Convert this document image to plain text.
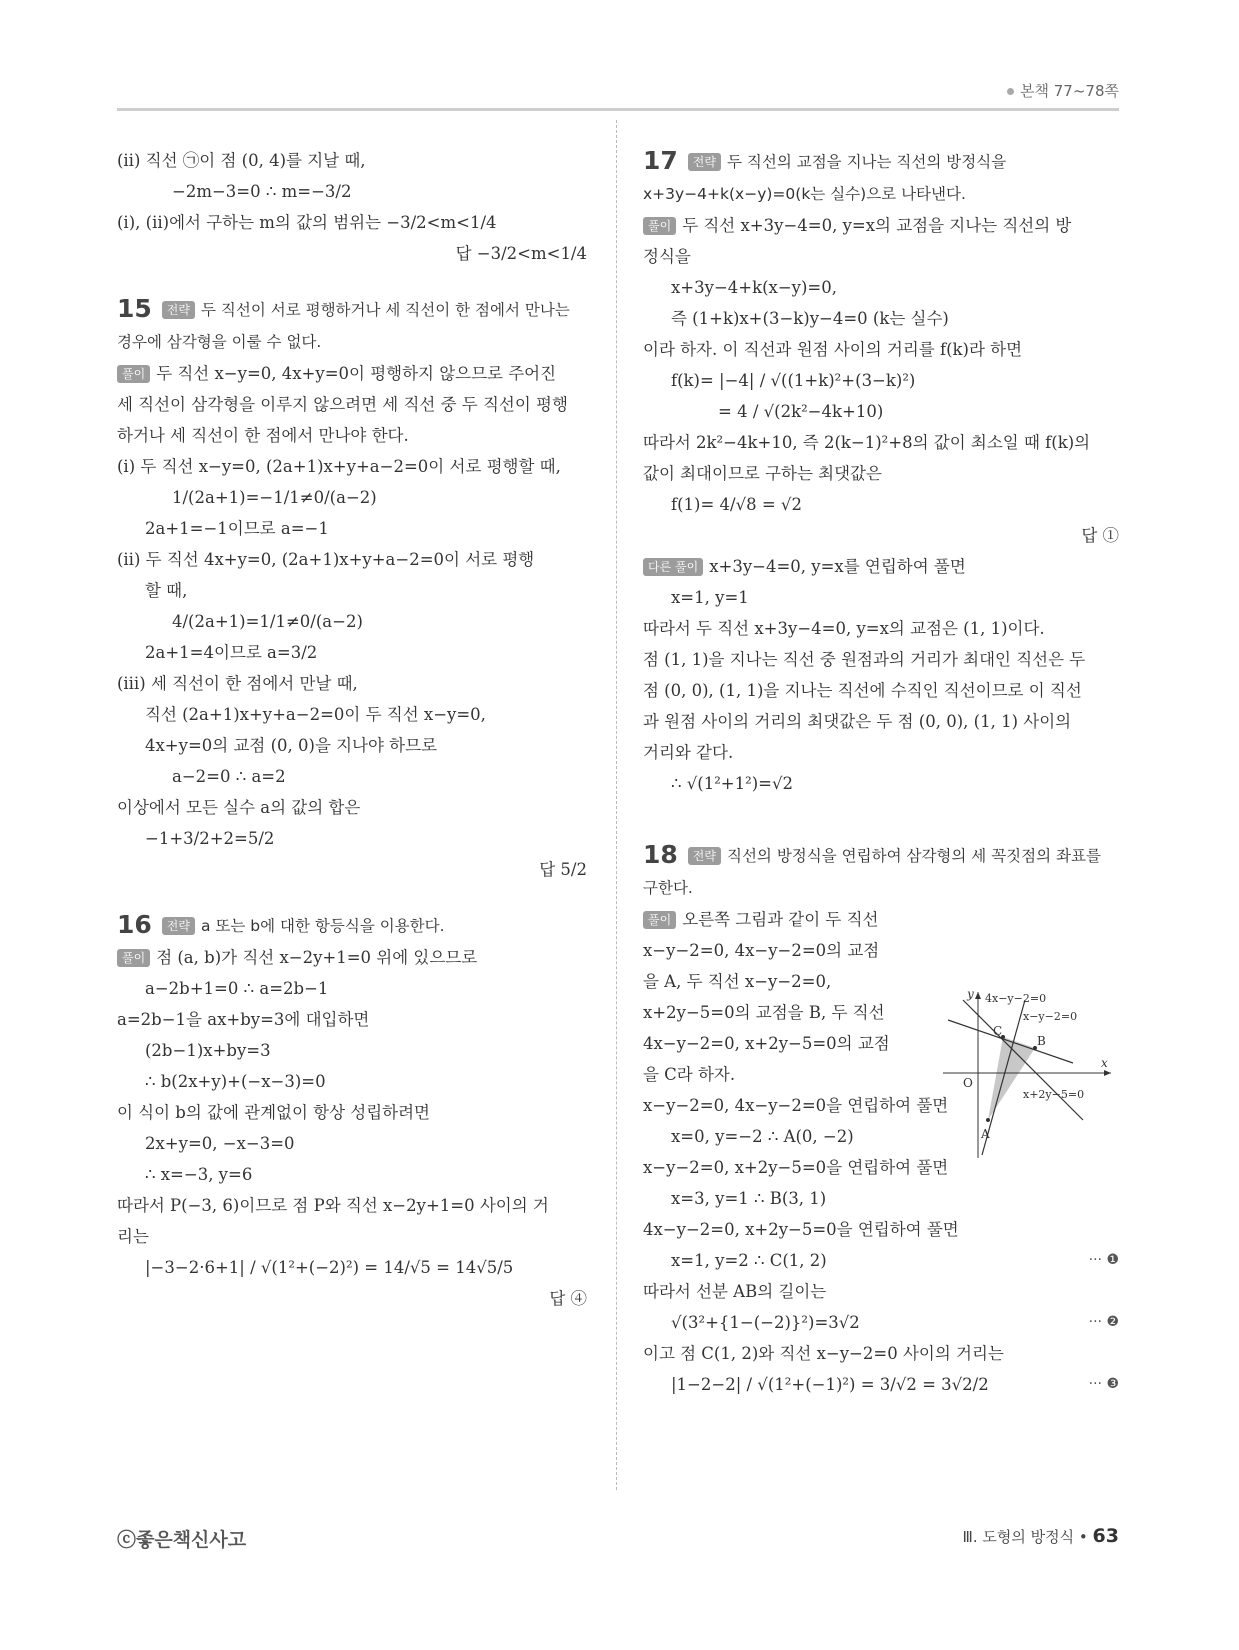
본책 77~78쪽
(ⅱ) 직선 ㉠이 점 (0, 4)를 지날 때,
−2m−3=0 ∴ m=−3/2
(ⅰ), (ⅱ)에서 구하는 m의 값의 범위는 −3/2<m<1/4
답 −3/2<m<1/4
15 전략 두 직선이 서로 평행하거나 세 직선이 한 점에서 만나는 경우에 삼각형을 이룰 수 없다.
풀이 두 직선 x−y=0, 4x+y=0이 평행하지 않으므로 주어진
세 직선이 삼각형을 이루지 않으려면 세 직선 중 두 직선이 평행
하거나 세 직선이 한 점에서 만나야 한다.
(ⅰ) 두 직선 x−y=0, (2a+1)x+y+a−2=0이 서로 평행할 때,
1/(2a+1)=−1/1≠0/(a−2)
2a+1=−1이므로 a=−1
(ⅱ) 두 직선 4x+y=0, (2a+1)x+y+a−2=0이 서로 평행
할 때,
4/(2a+1)=1/1≠0/(a−2)
2a+1=4이므로 a=3/2
(ⅲ) 세 직선이 한 점에서 만날 때,
직선 (2a+1)x+y+a−2=0이 두 직선 x−y=0,
4x+y=0의 교점 (0, 0)을 지나야 하므로
a−2=0 ∴ a=2
이상에서 모든 실수 a의 값의 합은
−1+3/2+2=5/2
답 5/2
16 전략 a 또는 b에 대한 항등식을 이용한다.
풀이 점 (a, b)가 직선 x−2y+1=0 위에 있으므로
a−2b+1=0 ∴ a=2b−1
a=2b−1을 ax+by=3에 대입하면
(2b−1)x+by=3
∴ b(2x+y)+(−x−3)=0
이 식이 b의 값에 관계없이 항상 성립하려면
2x+y=0, −x−3=0
∴ x=−3, y=6
따라서 P(−3, 6)이므로 점 P와 직선 x−2y+1=0 사이의 거
리는
|−3−2·6+1| / √(1²+(−2)²) = 14/√5 = 14√5/5
답 ④
17 전략 두 직선의 교점을 지나는 직선의 방정식을 x+3y−4+k(x−y)=0(k는 실수)으로 나타낸다.
풀이 두 직선 x+3y−4=0, y=x의 교점을 지나는 직선의 방
정식을
x+3y−4+k(x−y)=0,
즉 (1+k)x+(3−k)y−4=0 (k는 실수)
이라 하자. 이 직선과 원점 사이의 거리를 f(k)라 하면
f(k)= |−4| / √((1+k)²+(3−k)²)
= 4 / √(2k²−4k+10)
따라서 2k²−4k+10, 즉 2(k−1)²+8의 값이 최소일 때 f(k)의
값이 최대이므로 구하는 최댓값은
f(1)= 4/√8 = √2
답 ①
다른 풀이 x+3y−4=0, y=x를 연립하여 풀면
x=1, y=1
따라서 두 직선 x+3y−4=0, y=x의 교점은 (1, 1)이다.
점 (1, 1)을 지나는 직선 중 원점과의 거리가 최대인 직선은 두
점 (0, 0), (1, 1)을 지나는 직선에 수직인 직선이므로 이 직선
과 원점 사이의 거리의 최댓값은 두 점 (0, 0), (1, 1) 사이의
거리와 같다.
∴ √(1²+1²)=√2
18 전략 직선의 방정식을 연립하여 삼각형의 세 꼭짓점의 좌표를 구한다.
풀이 오른쪽 그림과 같이 두 직선
x−y−2=0, 4x−y−2=0의 교점
을 A, 두 직선 x−y−2=0,
x+2y−5=0의 교점을 B, 두 직선
4x−y−2=0, x+2y−5=0의 교점
을 C라 하자.
x−y−2=0, 4x−y−2=0을 연립하여 풀면
x=0, y=−2 ∴ A(0, −2)
x−y−2=0, x+2y−5=0을 연립하여 풀면
x=3, y=1 ∴ B(3, 1)
4x−y−2=0, x+2y−5=0을 연립하여 풀면
x=1, y=2 ∴ C(1, 2)	··· ❶
따라서 선분 AB의 길이는
√(3²+{1−(−2)}²)=3√2	··· ❷
이고 점 C(1, 2)와 직선 x−y−2=0 사이의 거리는
|1−2−2| / √(1²+(−1)²) = 3/√2 = 3√2/2	··· ❸
y 4x−y−2=0
x−y−2=0
C
B
x
O
A
x+2y−5=0
ⓒ좋은책신사고	Ⅲ. 도형의 방정식 • 63
